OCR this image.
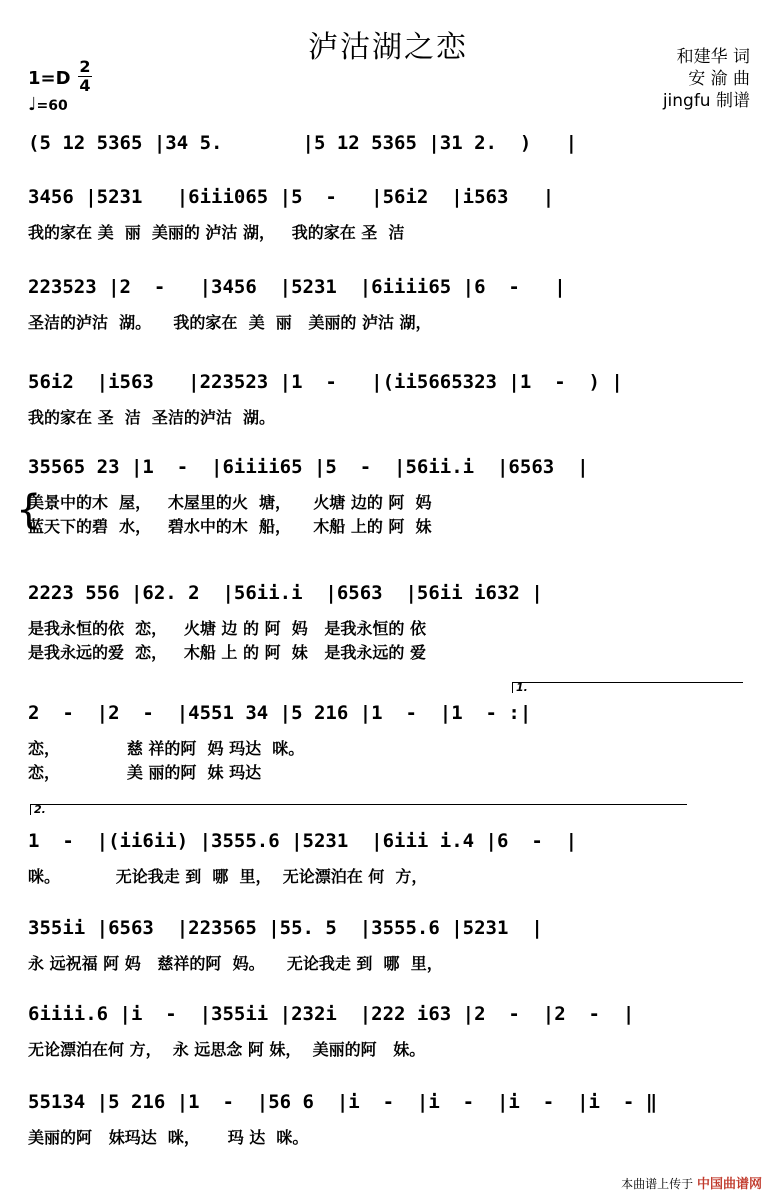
泸沽湖之恋	和建华 词
安 渝 曲
jingfu 制谱
1=D
2
4
♩=60
(5 12 5365 |34 5.       |5 12 5365 |31 2.  )   |
3456 |5231   |6iii065 |5  -   |56i2  |i563   |
我的家在 美  丽  美丽的 泸沽 湖，   我的家在 圣  洁
223523 |2  -   |3456  |5231  |6iiii65 |6  -   |
圣洁的泸沽  湖。    我的家在  美  丽   美丽的 泸沽 湖，
56i2  |i563   |223523 |1  -   |(ii5665323 |1  -  ) |
我的家在 圣  洁  圣洁的泸沽  湖。
35565 23 |1  -  |6iiii65 |5  -  |56ii.i  |6563  |
美景中的木  屋，   木屋里的火  塘，    火塘 边的 阿  妈
蓝天下的碧  水，   碧水中的木  船，    木船 上的 阿  妹
2223 556 |62. 2  |56ii.i  |6563  |56ii i632 |
是我永恒的依  恋，   火塘 边 的 阿  妈   是我永恒的 依
是我永远的爱  恋，   木船 上 的 阿  妹   是我永远的 爱
2  -  |2  -  |4551 34 |5 216 |1  -  |1  - :|
恋，            慈 祥的阿  妈 玛达  咪。
恋，            美 丽的阿  妹 玛达
1  -  |(ii6ii) |3555.6 |5231  |6iii i.4 |6  -  |
咪。          无论我走 到  哪  里，  无论漂泊在 何  方，
355ii |6563  |223565 |55. 5  |3555.6 |5231  |
永 远祝福 阿 妈   慈祥的阿  妈。    无论我走 到  哪  里，
6iiii.6 |i  -  |355ii |232i  |222 i63 |2  -  |2  -  |
无论漂泊在何 方，  永 远思念 阿 妹，  美丽的阿   妹。
55134 |5 216 |1  -  |56 6  |i  -  |i  -  |i  -  |i  - ‖
美丽的阿   妹玛达  咪，     玛 达  咪。
{
1.
2.
本曲谱上传于 中国曲谱网
